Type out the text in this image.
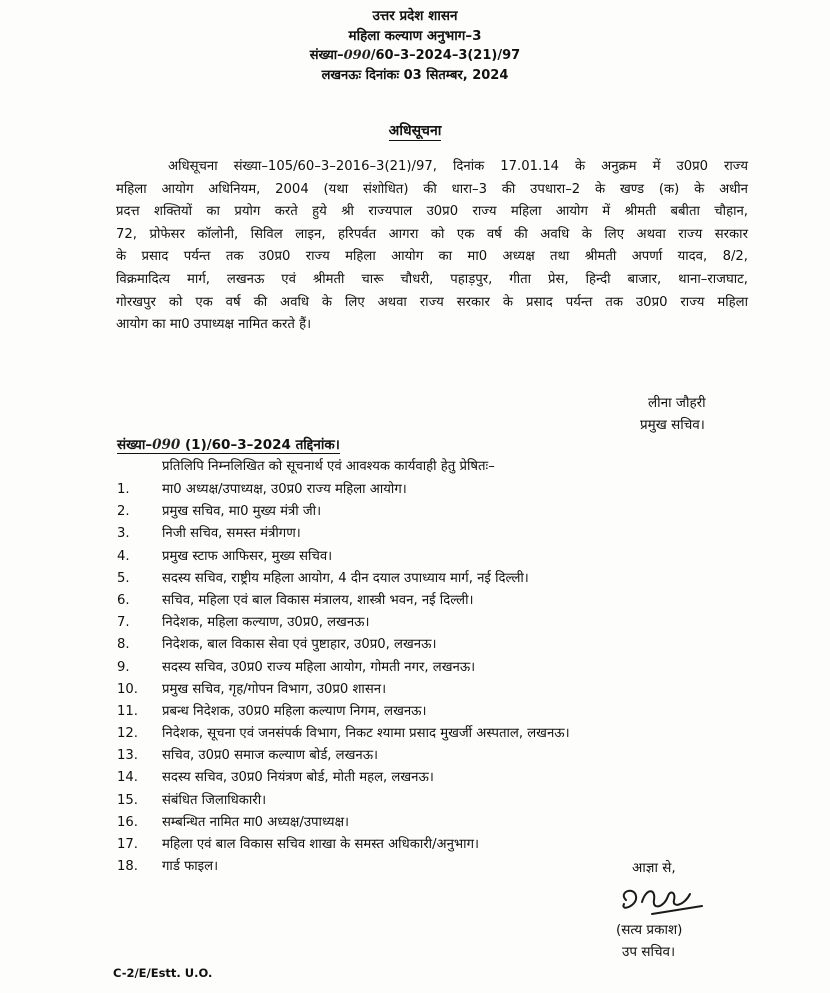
उत्तर प्रदेश शासन
महिला कल्याण अनुभाग–3
संख्या–090/60–3–2024–3(21)/97
लखनऊः दिनांकः 03 सितम्बर, 2024
अधिसूचना
अधिसूचना संख्या–105/60–3–2016–3(21)/97, दिनांक 17.01.14 के अनुक्रम में उ0प्र0 राज्य
महिला आयोग अधिनियम, 2004 (यथा संशोधित) की धारा–3 की उपधारा–2 के खण्ड (क) के अधीन
प्रदत्त शक्तियों का प्रयोग करते हुये श्री राज्यपाल उ0प्र0 राज्य महिला आयोग में श्रीमती बबीता चौहान,
72, प्रोफेसर कॉलोनी, सिविल लाइन, हरिपर्वत आगरा को एक वर्ष की अवधि के लिए अथवा राज्य सरकार
के प्रसाद पर्यन्त तक उ0प्र0 राज्य महिला आयोग का मा0 अध्यक्ष तथा श्रीमती अपर्णा यादव, 8/2,
विक्रमादित्य मार्ग, लखनऊ एवं श्रीमती चारू चौधरी, पहाड़पुर, गीता प्रेस, हिन्दी बाजार, थाना–राजघाट,
गोरखपुर को एक वर्ष की अवधि के लिए अथवा राज्य सरकार के प्रसाद पर्यन्त तक उ0प्र0 राज्य महिला
आयोग का मा0 उपाध्यक्ष नामित करते हैं।
लीना जौहरी
प्रमुख सचिव।
संख्या–090 (1)/60–3–2024 तद्दिनांक।
प्रतिलिपि निम्नलिखित को सूचनार्थ एवं आवश्यक कार्यवाही हेतु प्रेषितः–
1.	मा0 अध्यक्ष/उपाध्यक्ष, उ0प्र0 राज्य महिला आयोग।
2.	प्रमुख सचिव, मा0 मुख्य मंत्री जी।
3.	निजी सचिव, समस्त मंत्रीगण।
4.	प्रमुख स्टाफ आफिसर, मुख्य सचिव।
5.	सदस्य सचिव, राष्ट्रीय महिला आयोग, 4 दीन दयाल उपाध्याय मार्ग, नई दिल्ली।
6.	सचिव, महिला एवं बाल विकास मंत्रालय, शास्त्री भवन, नई दिल्ली।
7.	निदेशक, महिला कल्याण, उ0प्र0, लखनऊ।
8.	निदेशक, बाल विकास सेवा एवं पुष्टाहार, उ0प्र0, लखनऊ।
9.	सदस्य सचिव, उ0प्र0 राज्य महिला आयोग, गोमती नगर, लखनऊ।
10.	प्रमुख सचिव, गृह/गोपन विभाग, उ0प्र0 शासन।
11.	प्रबन्ध निदेशक, उ0प्र0 महिला कल्याण निगम, लखनऊ।
12.	निदेशक, सूचना एवं जनसंपर्क विभाग, निकट श्यामा प्रसाद मुखर्जी अस्पताल, लखनऊ।
13.	सचिव, उ0प्र0 समाज कल्याण बोर्ड, लखनऊ।
14.	सदस्य सचिव, उ0प्र0 नियंत्रण बोर्ड, मोती महल, लखनऊ।
15.	संबंधित जिलाधिकारी।
16.	सम्बन्धित नामित मा0 अध्यक्ष/उपाध्यक्ष।
17.	महिला एवं बाल विकास सचिव शाखा के समस्त अधिकारी/अनुभाग।
18.	गार्ड फाइल।	आज्ञा से,
(सत्य प्रकाश)
उप सचिव।
C-2/E/Estt. U.O.
